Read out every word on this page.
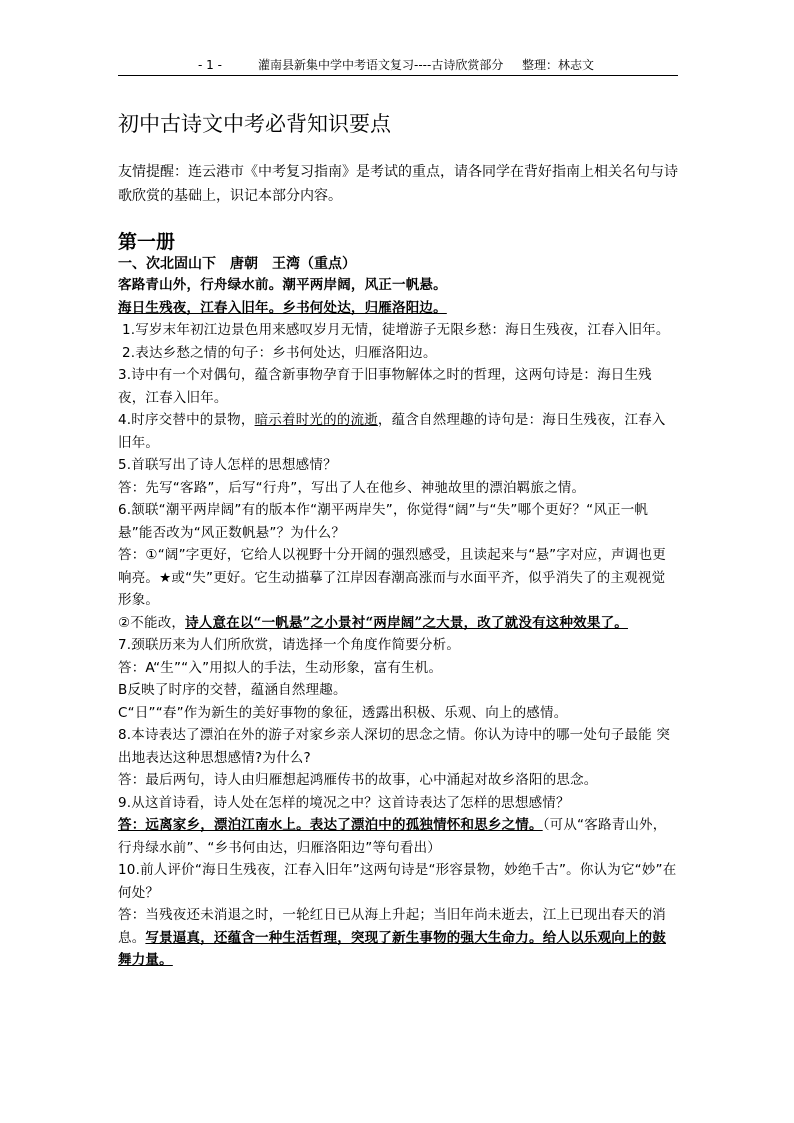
- 1 -	灌南县新集中学中考语文复习----古诗欣赏部分 整理：林志文
初中古诗文中考必背知识要点
友情提醒：连云港市《中考复习指南》是考试的重点，请各同学在背好指南上相关名句与诗歌欣赏的基础上，识记本部分内容。

第一册

一、次北固山下　唐朝　王湾（重点）

客路青山外，行舟绿水前。潮平两岸阔，风正一帆悬。

海日生残夜，江春入旧年。乡书何处达，归雁洛阳边。

1.写岁末年初江边景色用来感叹岁月无情，徒增游子无限乡愁：海日生残夜，江春入旧年。

2.表达乡愁之情的句子：乡书何处达，归雁洛阳边。

3.诗中有一个对偶句，蕴含新事物孕育于旧事物解体之时的哲理，这两句诗是：海日生残夜，江春入旧年。

4.时序交替中的景物，暗示着时光的的流逝，蕴含自然理趣的诗句是：海日生残夜，江春入旧年。

5.首联写出了诗人怎样的思想感情？

答：先写“客路”，后写“行舟”，写出了人在他乡、神驰故里的漂泊羁旅之情。

6.颔联“潮平两岸阔”有的版本作“潮平两岸失”，你觉得“阔”与“失”哪个更好？“风正一帆悬”能否改为“风正数帆悬”？为什么？

答：①“阔”字更好，它给人以视野十分开阔的强烈感受，且读起来与“悬”字对应，声调也更响亮。★或“失”更好。它生动描摹了江岸因春潮高涨而与水面平齐，似乎消失了的主观视觉形象。

②不能改，诗人意在以“一帆悬”之小景衬“两岸阔”之大景，改了就没有这种效果了。

7.颈联历来为人们所欣赏，请选择一个角度作简要分析。

答：A“生”“入”用拟人的手法，生动形象，富有生机。

B反映了时序的交替，蕴涵自然理趣。

C“日”“春”作为新生的美好事物的象征，透露出积极、乐观、向上的感情。

8.本诗表达了漂泊在外的游子对家乡亲人深切的思念之情。你认为诗中的哪一处句子最能 突出地表达这种思想感情?为什么?

答：最后两句，诗人由归雁想起鸿雁传书的故事，心中涌起对故乡洛阳的思念。

9.从这首诗看，诗人处在怎样的境况之中？这首诗表达了怎样的思想感情？

答：远离家乡，漂泊江南水上。表达了漂泊中的孤独情怀和思乡之情。（可从“客路青山外，行舟绿水前”、“乡书何由达，归雁洛阳边”等句看出）

10.前人评价“海日生残夜，江春入旧年”这两句诗是“形容景物，妙绝千古”。你认为它“妙”在何处？

答：当残夜还未消退之时，一轮红日已从海上升起；当旧年尚未逝去，江上已现出春天的消息。写景逼真，还蕴含一种生活哲理，突现了新生事物的强大生命力。给人以乐观向上的鼓舞力量。
